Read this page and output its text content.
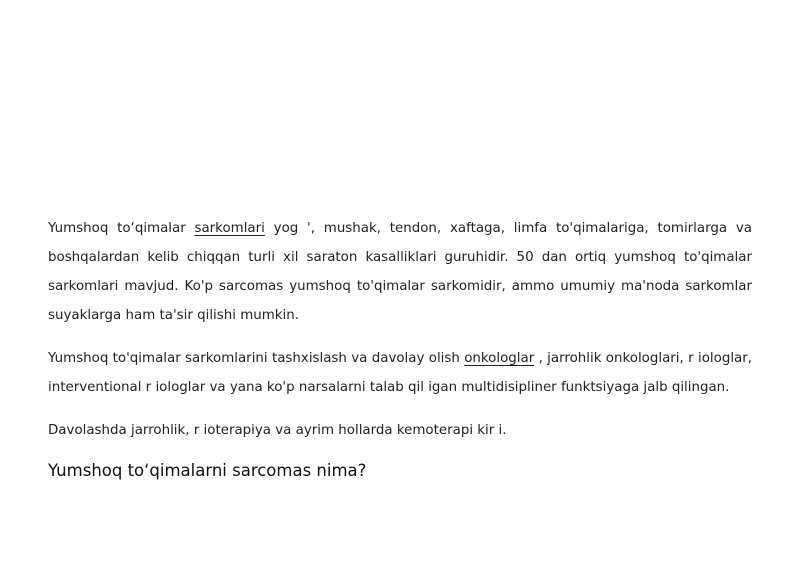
Yumshoq to‘qimalar sarkomlari yog ', mushak, tendon, xaftaga, limfa to'qimalariga, tomirlarga va boshqalardan kelib chiqqan turli xil saraton kasalliklari guruhidir. 50 dan ortiq yumshoq to'qimalar sarkomlari mavjud. Ko'p sarcomas yumshoq to'qimalar sarkomidir, ammo umumiy ma'noda sarkomlar suyaklarga ham ta'sir qilishi mumkin.

Yumshoq to'qimalar sarkomlarini tashxislash va davolay olish onkologlar , jarrohlik onkologlari, r iologlar, interventional r iologlar va yana ko'p narsalarni talab qil igan multidisipliner funktsiyaga jalb qilingan.

Davolashda jarrohlik, r ioterapiya va ayrim hollarda kemoterapi kir i.

Yumshoq to‘qimalarni sarcomas nima?
